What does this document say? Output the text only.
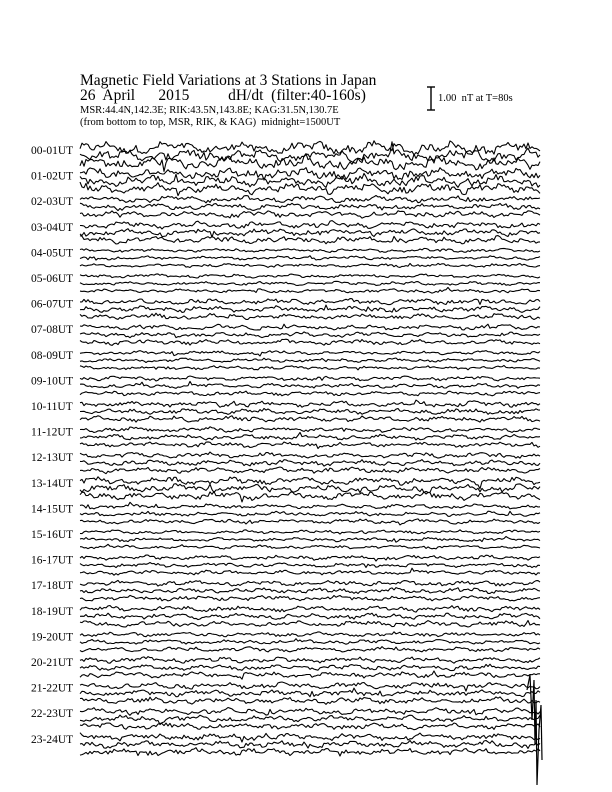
Magnetic Field Variations at 3 Stations in Japan
26  April      2015          dH/dt  (filter:40-160s)
MSR:44.4N,142.3E; RIK:43.5N,143.8E; KAG:31.5N,130.7E
(from bottom to top, MSR, RIK, & KAG)  midnight=1500UT
1.00  nT at T=80s
00-01UT
01-02UT
02-03UT
03-04UT
04-05UT
05-06UT
06-07UT
07-08UT
08-09UT
09-10UT
10-11UT
11-12UT
12-13UT
13-14UT
14-15UT
15-16UT
16-17UT
17-18UT
18-19UT
19-20UT
20-21UT
21-22UT
22-23UT
23-24UT
